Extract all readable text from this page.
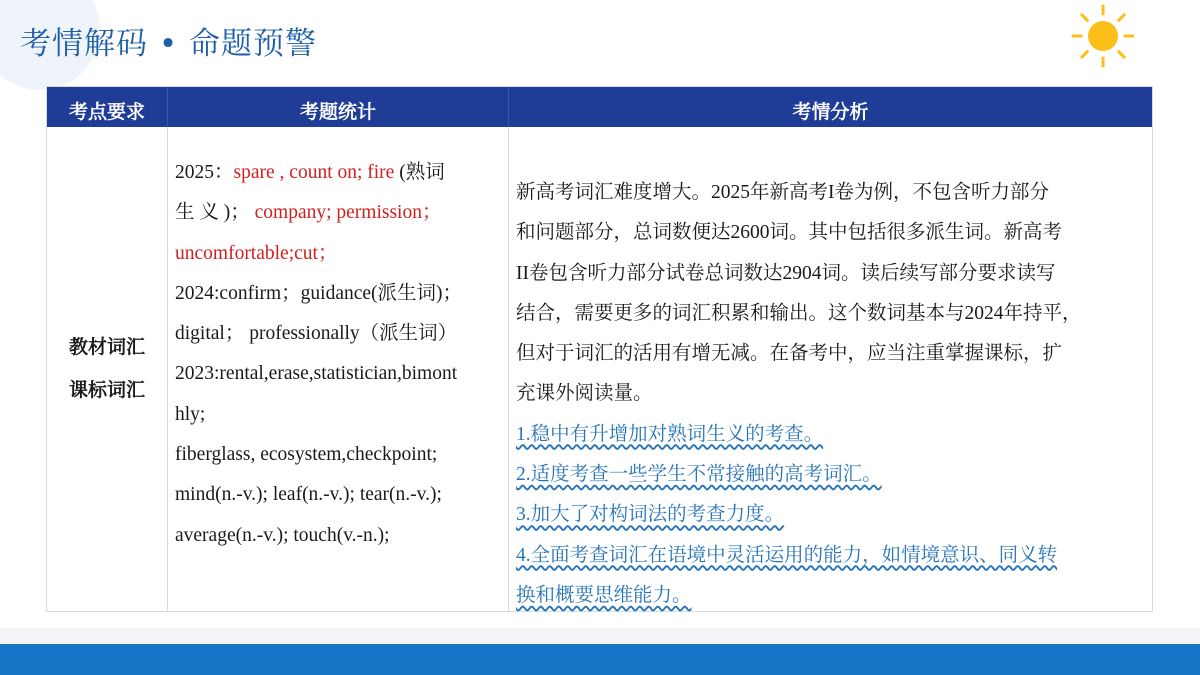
考情解码 • 命题预警
考点要求	考题统计	考情分析
教材词汇
课标词汇
2025：spare , count on; fire (熟词
生 义 )； company; permission；
uncomfortable;cut；
2024:confirm；guidance(派生词)；
digital； professionally（派生词）
2023:rental,erase,statistician,bimont
hly;
fiberglass, ecosystem,checkpoint;
mind(n.-v.); leaf(n.-v.); tear(n.-v.);
average(n.-v.); touch(v.-n.);
新高考词汇难度增大。2025年新高考I卷为例，不包含听力部分
和问题部分，总词数便达2600词。其中包括很多派生词。新高考
II卷包含听力部分试卷总词数达2904词。读后续写部分要求读写
结合，需要更多的词汇积累和输出。这个数词基本与2024年持平，
但对于词汇的活用有增无减。在备考中，应当注重掌握课标，扩
充课外阅读量。
1.稳中有升增加对熟词生义的考查。
2.适度考查一些学生不常接触的高考词汇。
3.加大了对构词法的考查力度。
4.全面考查词汇在语境中灵活运用的能力，如情境意识、同义转
换和概要思维能力。
